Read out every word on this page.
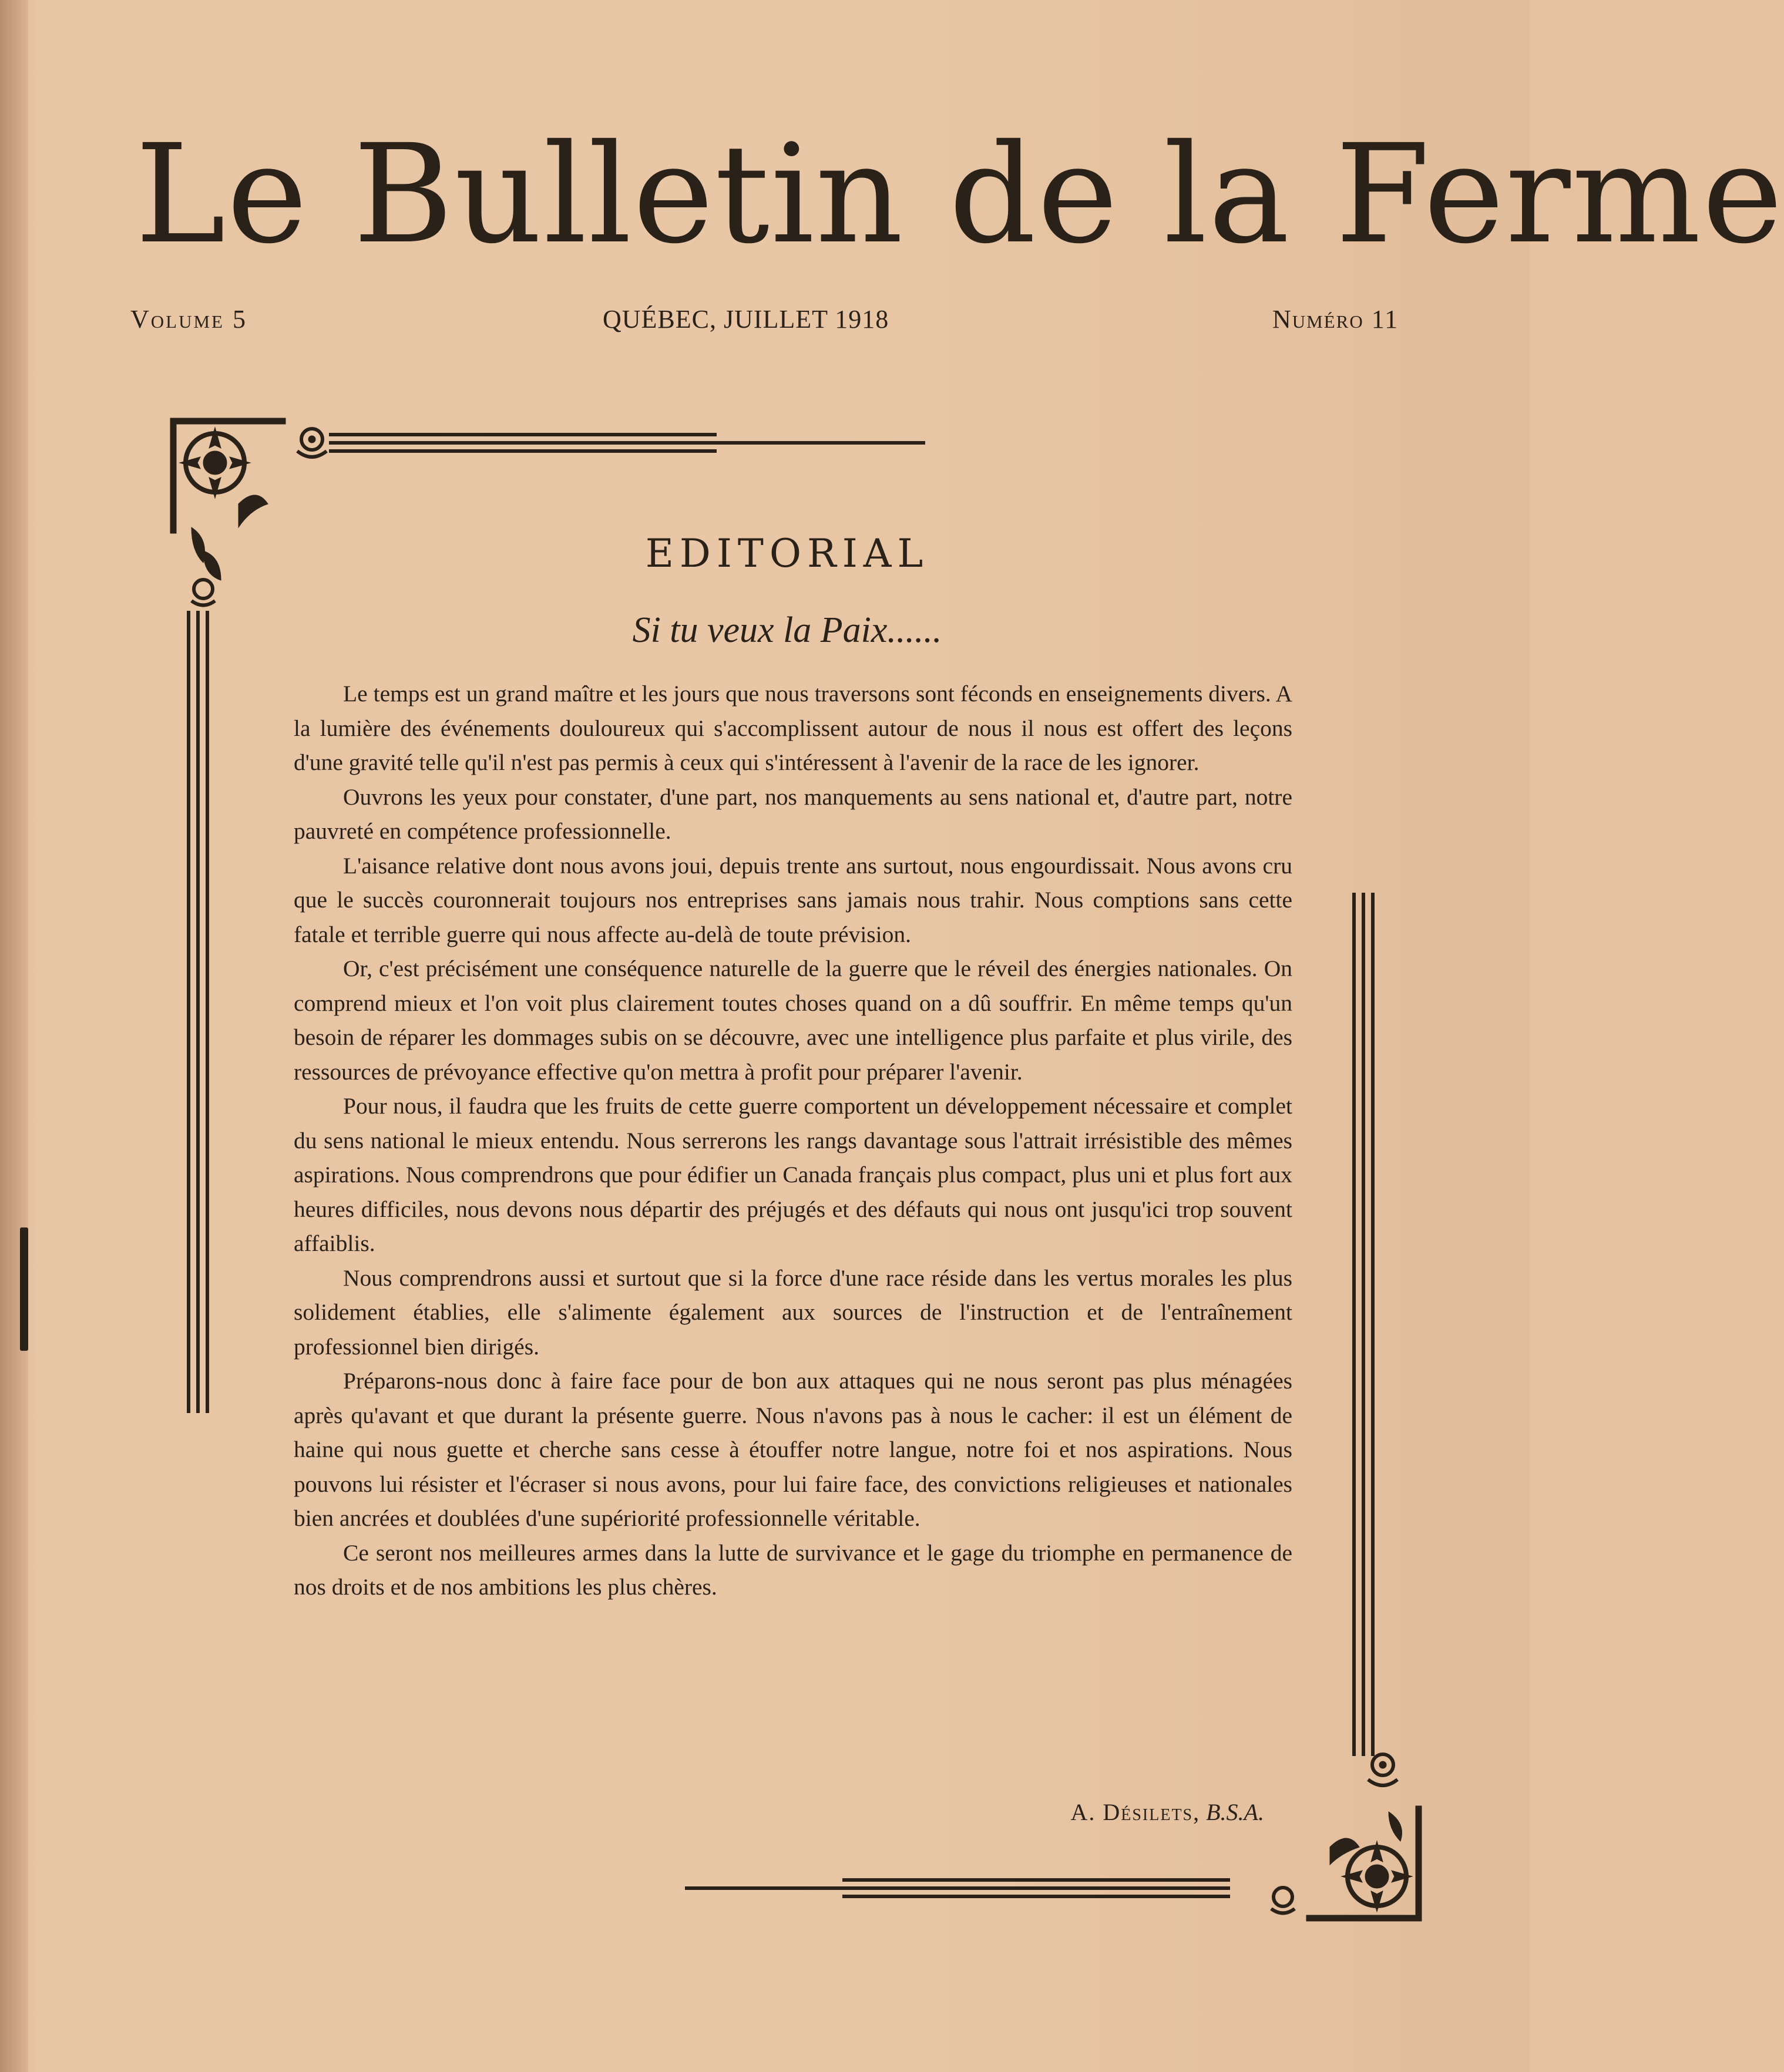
Le Bulletin de la Ferme
Volume 5	QUÉBEC, JUILLET 1918	Numéro 11
EDITORIAL
Si tu veux la Paix......

Le temps est un grand maître et les jours que nous traversons sont féconds en enseignements divers. A la lumière des événements douloureux qui s'accomplissent autour de nous il nous est offert des leçons d'une gravité telle qu'il n'est pas permis à ceux qui s'intéressent à l'avenir de la race de les ignorer.

Ouvrons les yeux pour constater, d'une part, nos manquements au sens national et, d'autre part, notre pauvreté en compétence professionnelle.

L'aisance relative dont nous avons joui, depuis trente ans surtout, nous engourdissait. Nous avons cru que le succès couronnerait toujours nos entreprises sans jamais nous trahir. Nous comptions sans cette fatale et terrible guerre qui nous affecte au-delà de toute prévision.

Or, c'est précisément une conséquence naturelle de la guerre que le réveil des énergies nationales. On comprend mieux et l'on voit plus clairement toutes choses quand on a dû souffrir. En même temps qu'un besoin de réparer les dommages subis on se découvre, avec une intelligence plus parfaite et plus virile, des ressources de prévoyance effective qu'on mettra à profit pour préparer l'avenir.

Pour nous, il faudra que les fruits de cette guerre comportent un développement nécessaire et complet du sens national le mieux entendu. Nous serrerons les rangs davantage sous l'attrait irrésistible des mêmes aspirations. Nous comprendrons que pour édifier un Canada français plus compact, plus uni et plus fort aux heures difficiles, nous devons nous départir des préjugés et des défauts qui nous ont jusqu'ici trop souvent affaiblis.

Nous comprendrons aussi et surtout que si la force d'une race réside dans les vertus morales les plus solidement établies, elle s'alimente également aux sources de l'instruction et de l'entraînement professionnel bien dirigés.

Préparons-nous donc à faire face pour de bon aux attaques qui ne nous seront pas plus ménagées après qu'avant et que durant la présente guerre. Nous n'avons pas à nous le cacher: il est un élément de haine qui nous guette et cherche sans cesse à étouffer notre langue, notre foi et nos aspirations. Nous pouvons lui résister et l'écraser si nous avons, pour lui faire face, des convictions religieuses et nationales bien ancrées et doublées d'une supériorité professionnelle véritable.

Ce seront nos meilleures armes dans la lutte de survivance et le gage du triomphe en permanence de nos droits et de nos ambitions les plus chères.

A. Désilets, B.S.A.
